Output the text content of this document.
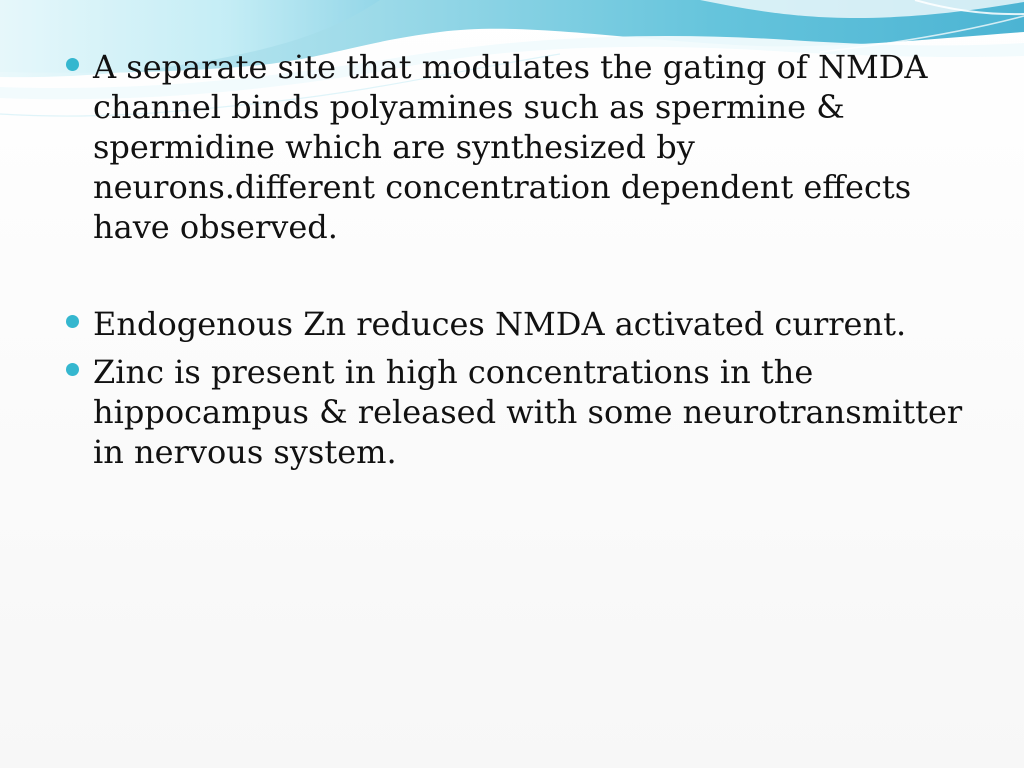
A separate site that modulates the gating of NMDA channel binds polyamines such as spermine & spermidine which are synthesized by neurons.different concentration dependent effects have observed.
Endogenous Zn reduces NMDA activated current.
Zinc is present in high concentrations in the hippocampus & released with some neurotransmitter in nervous system.
